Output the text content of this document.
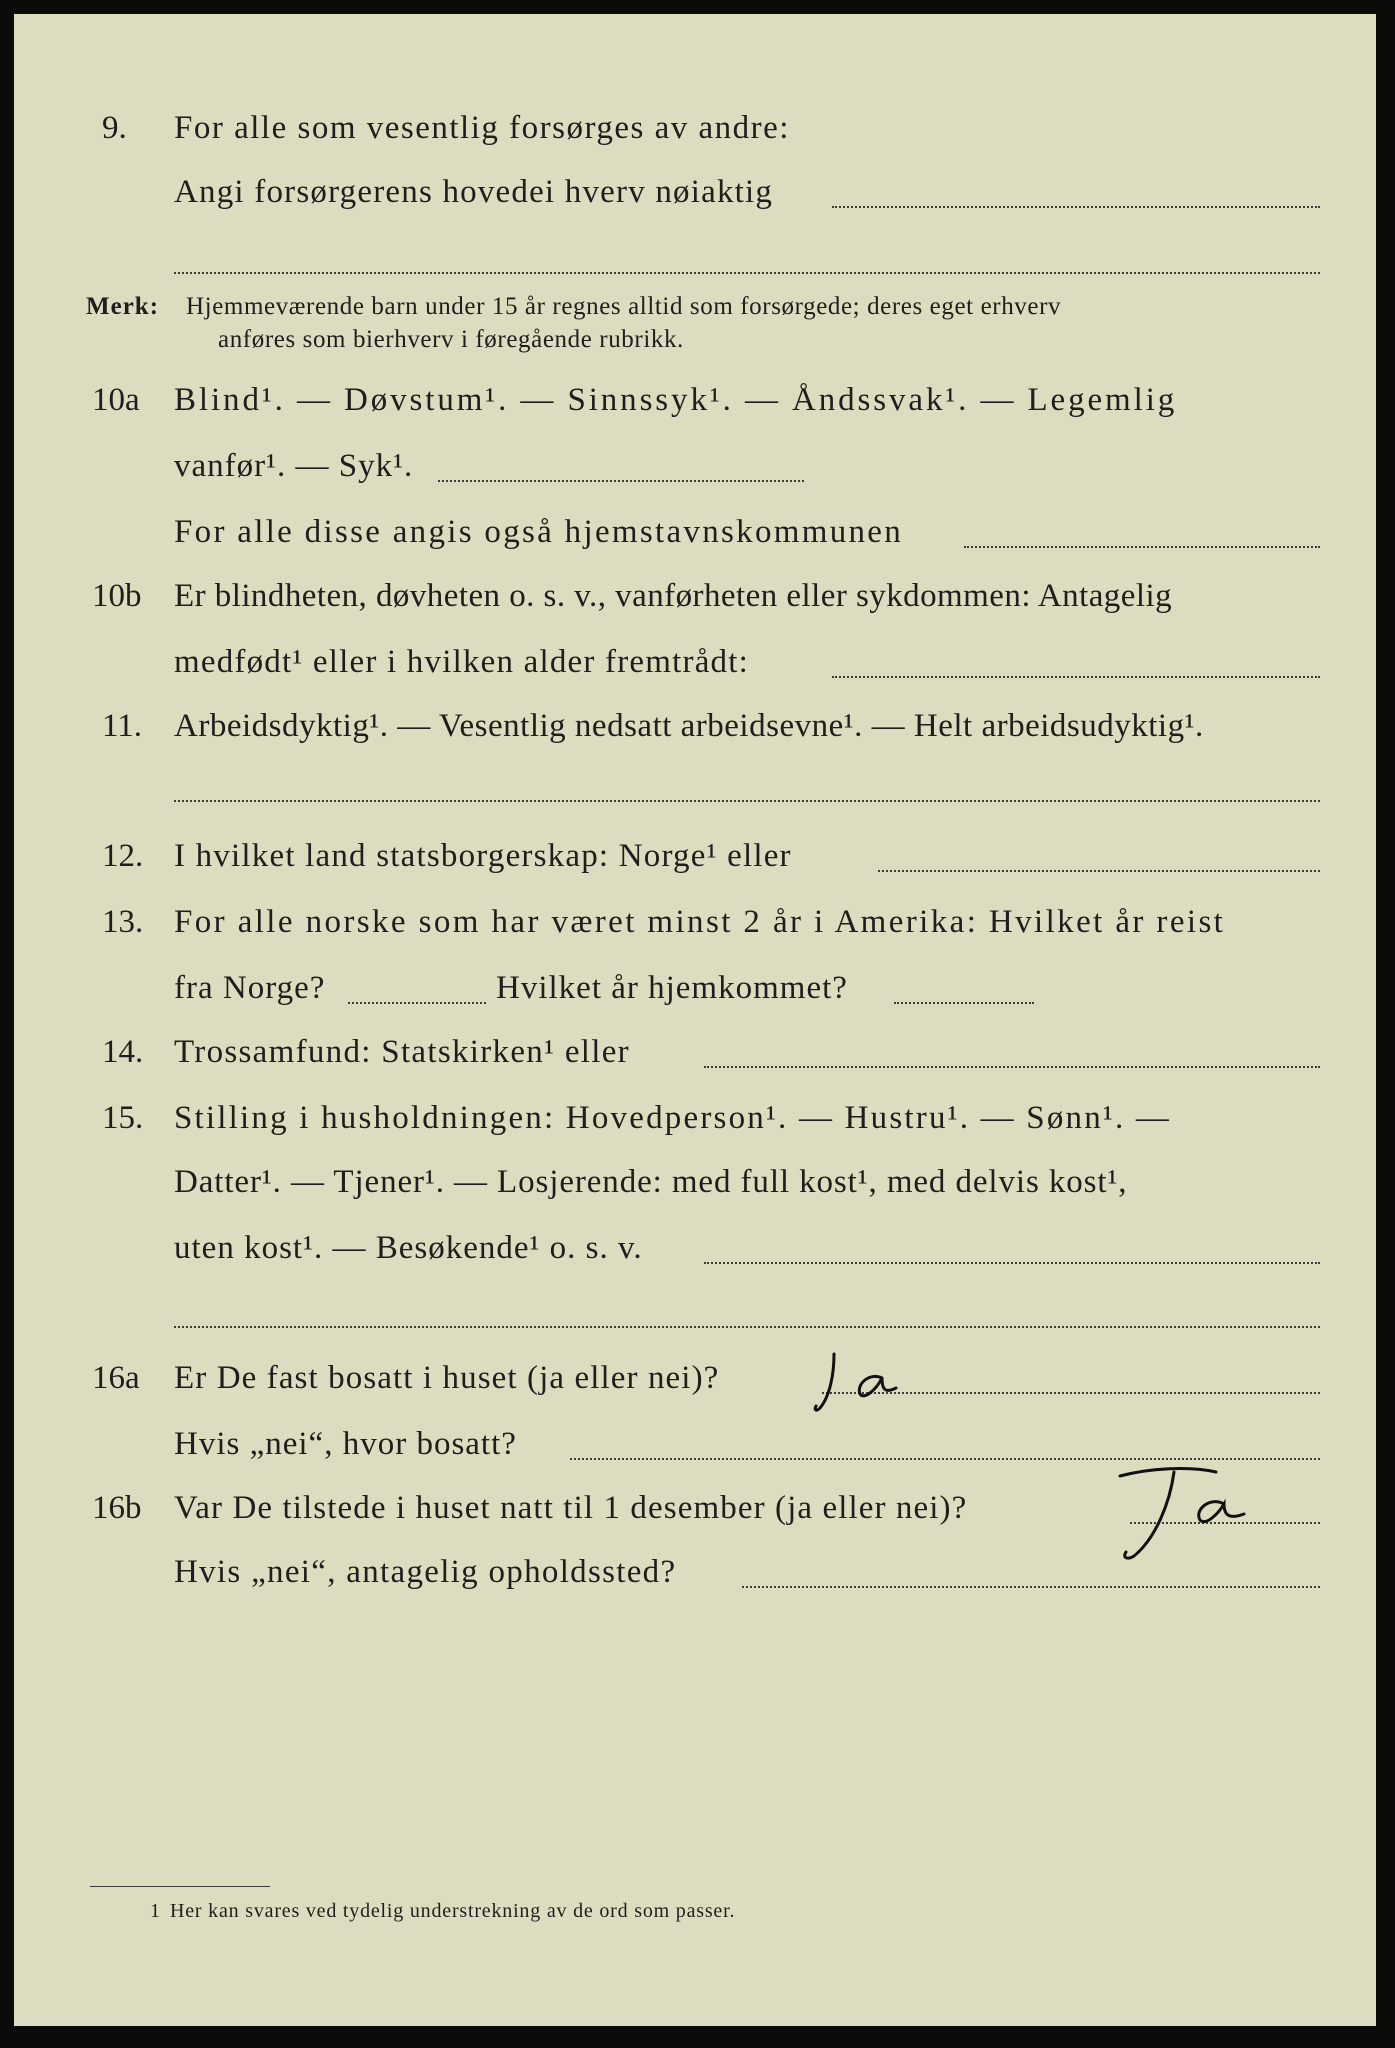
9. For alle som vesentlig forsørges av andre:
Angi forsørgerens hovedei hverv nøiaktig
Merk: Hjemmeværende barn under 15 år regnes alltid som forsørgede; deres eget erhverv
anføres som bierhverv i føregående rubrikk.
10a Blind¹. — Døvstum¹. — Sinnssyk¹. — Åndssvak¹. — Legemlig
vanfør¹. — Syk¹.
For alle disse angis også hjemstavnskommunen
10b Er blindheten, døvheten o. s. v., vanførheten eller sykdommen: Antagelig
medfødt¹ eller i hvilken alder fremtrådt:
11. Arbeidsdyktig¹. — Vesentlig nedsatt arbeidsevne¹. — Helt arbeidsudyktig¹.
12. I hvilket land statsborgerskap: Norge¹ eller
13. For alle norske som har været minst 2 år i Amerika: Hvilket år reist
fra Norge?	Hvilket år hjemkommet?
14. Trossamfund: Statskirken¹ eller
15. Stilling i husholdningen: Hovedperson¹. — Hustru¹. — Sønn¹. —
Datter¹. — Tjener¹. — Losjerende: med full kost¹, med delvis kost¹,
uten kost¹. — Besøkende¹ o. s. v.
16a Er De fast bosatt i huset (ja eller nei)?
Hvis „nei“, hvor bosatt?
16b Var De tilstede i huset natt til 1 desember (ja eller nei)?
Hvis „nei“, antagelig opholdssted?
1 Her kan svares ved tydelig understrekning av de ord som passer.
